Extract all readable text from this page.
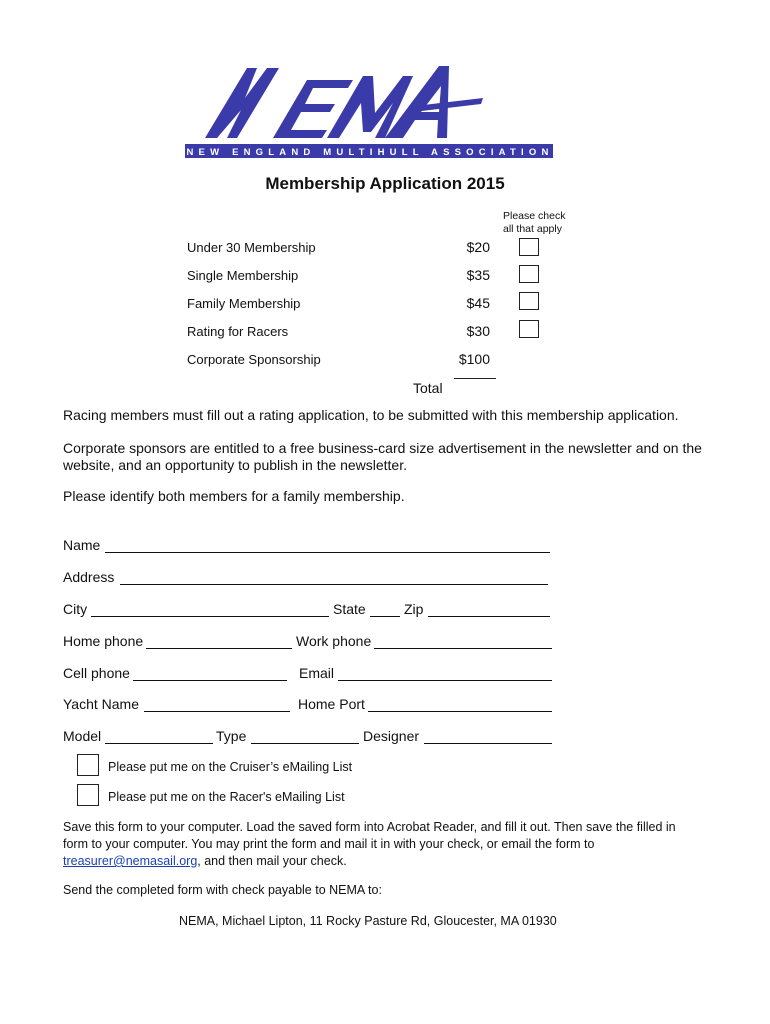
NEW ENGLAND MULTIHULL ASSOCIATION
Membership Application 2015
Please check
all that apply
Under 30 Membership	$20
Single Membership	$35
Family Membership	$45
Rating for Racers	$30
Corporate Sponsorship	$100
Total
Racing members must fill out a rating application, to be submitted with this membership application.
Corporate sponsors are entitled to a free business-card size advertisement in the newsletter and on the website, and an opportunity to publish in the newsletter.
Please identify both members for a family membership.
Name
Address
City	State	Zip
Home phone	Work phone
Cell phone	Email
Yacht Name	Home Port
Model	Type	Designer
Please put me on the Cruiser’s eMailing List
Please put me on the Racer's eMailing List
Save this form to your computer. Load the saved form into Acrobat Reader, and fill it out. Then save the filled in form to your computer. You may print the form and mail it in with your check, or email the form to treasurer@nemasail.org, and then mail your check.
Send the completed form with check payable to NEMA to:
NEMA, Michael Lipton, 11 Rocky Pasture Rd, Gloucester, MA 01930
